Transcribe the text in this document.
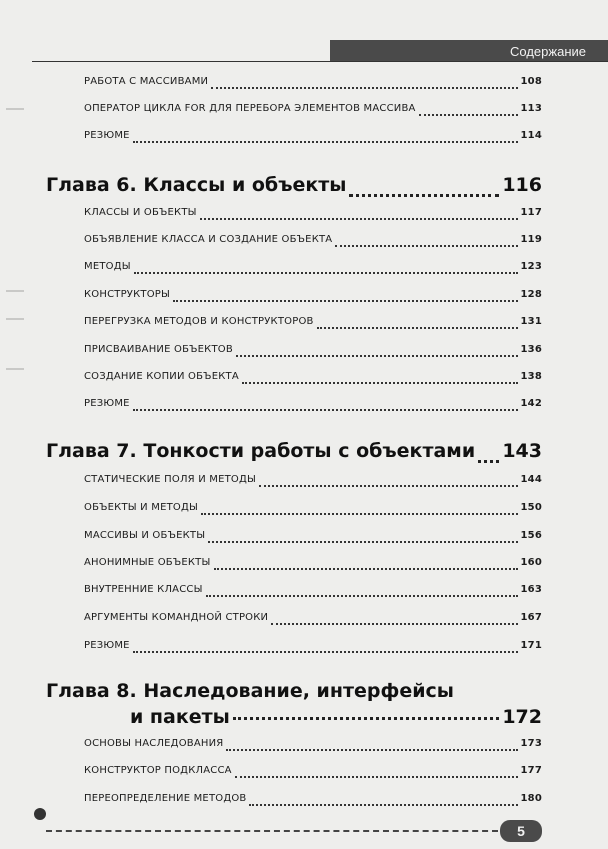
Содержание
РАБОТА С МАССИВАМИ	108
ОПЕРАТОР ЦИКЛА FOR ДЛЯ ПЕРЕБОРА ЭЛЕМЕНТОВ МАССИВА	113
РЕЗЮМЕ	114
Глава 6. Классы и объекты	116
КЛАССЫ И ОБЪЕКТЫ	117
ОБЪЯВЛЕНИЕ КЛАССА И СОЗДАНИЕ ОБЪЕКТА	119
МЕТОДЫ	123
КОНСТРУКТОРЫ	128
ПЕРЕГРУЗКА МЕТОДОВ И КОНСТРУКТОРОВ	131
ПРИСВАИВАНИЕ ОБЪЕКТОВ	136
СОЗДАНИЕ КОПИИ ОБЪЕКТА	138
РЕЗЮМЕ	142
Глава 7. Тонкости работы с объектами 143
СТАТИЧЕСКИЕ ПОЛЯ И МЕТОДЫ	144
ОБЪЕКТЫ И МЕТОДЫ	150
МАССИВЫ И ОБЪЕКТЫ	156
АНОНИМНЫЕ ОБЪЕКТЫ	160
ВНУТРЕННИЕ КЛАССЫ	163
АРГУМЕНТЫ КОМАНДНОЙ СТРОКИ	167
РЕЗЮМЕ	171
Глава 8. Наследование, интерфейсы
и пакеты	172
ОСНОВЫ НАСЛЕДОВАНИЯ	173
КОНСТРУКТОР ПОДКЛАССА	177
ПЕРЕОПРЕДЕЛЕНИЕ МЕТОДОВ	180
5
